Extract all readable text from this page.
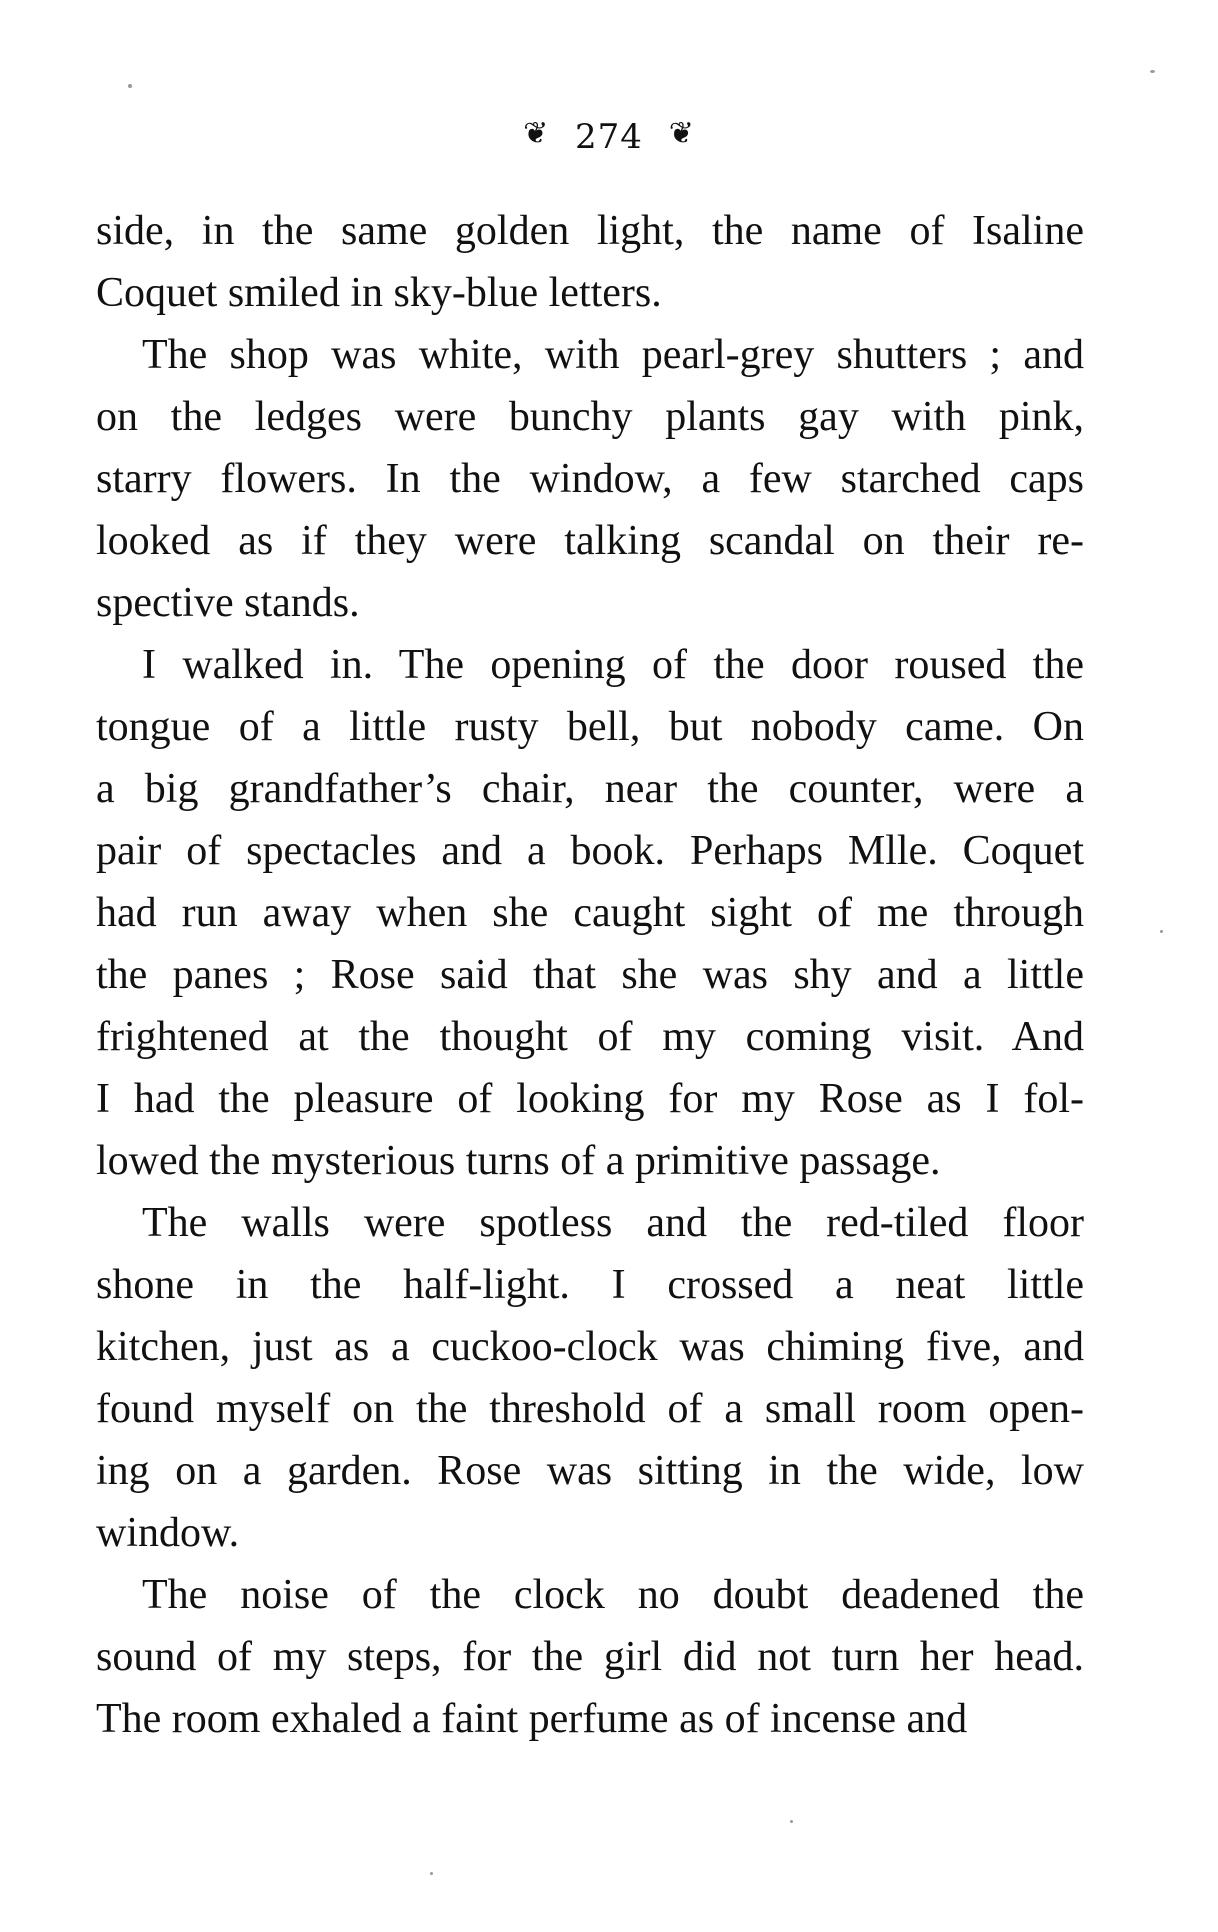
❦ 274 ❦
side, in the same golden light, the name of Isaline
Coquet smiled in sky-blue letters.
The shop was white, with pearl-grey shutters ; and
on the ledges were bunchy plants gay with pink,
starry flowers. In the window, a few starched caps
looked as if they were talking scandal on their re-
spective stands.
I walked in. The opening of the door roused the
tongue of a little rusty bell, but nobody came. On
a big grandfather’s chair, near the counter, were a
pair of spectacles and a book. Perhaps Mlle. Coquet
had run away when she caught sight of me through
the panes ; Rose said that she was shy and a little
frightened at the thought of my coming visit. And
I had the pleasure of looking for my Rose as I fol-
lowed the mysterious turns of a primitive passage.
The walls were spotless and the red-tiled floor
shone in the half-light. I crossed a neat little
kitchen, just as a cuckoo-clock was chiming five, and
found myself on the threshold of a small room open-
ing on a garden. Rose was sitting in the wide, low
window.
The noise of the clock no doubt deadened the
sound of my steps, for the girl did not turn her head.
The room exhaled a faint perfume as of incense and
